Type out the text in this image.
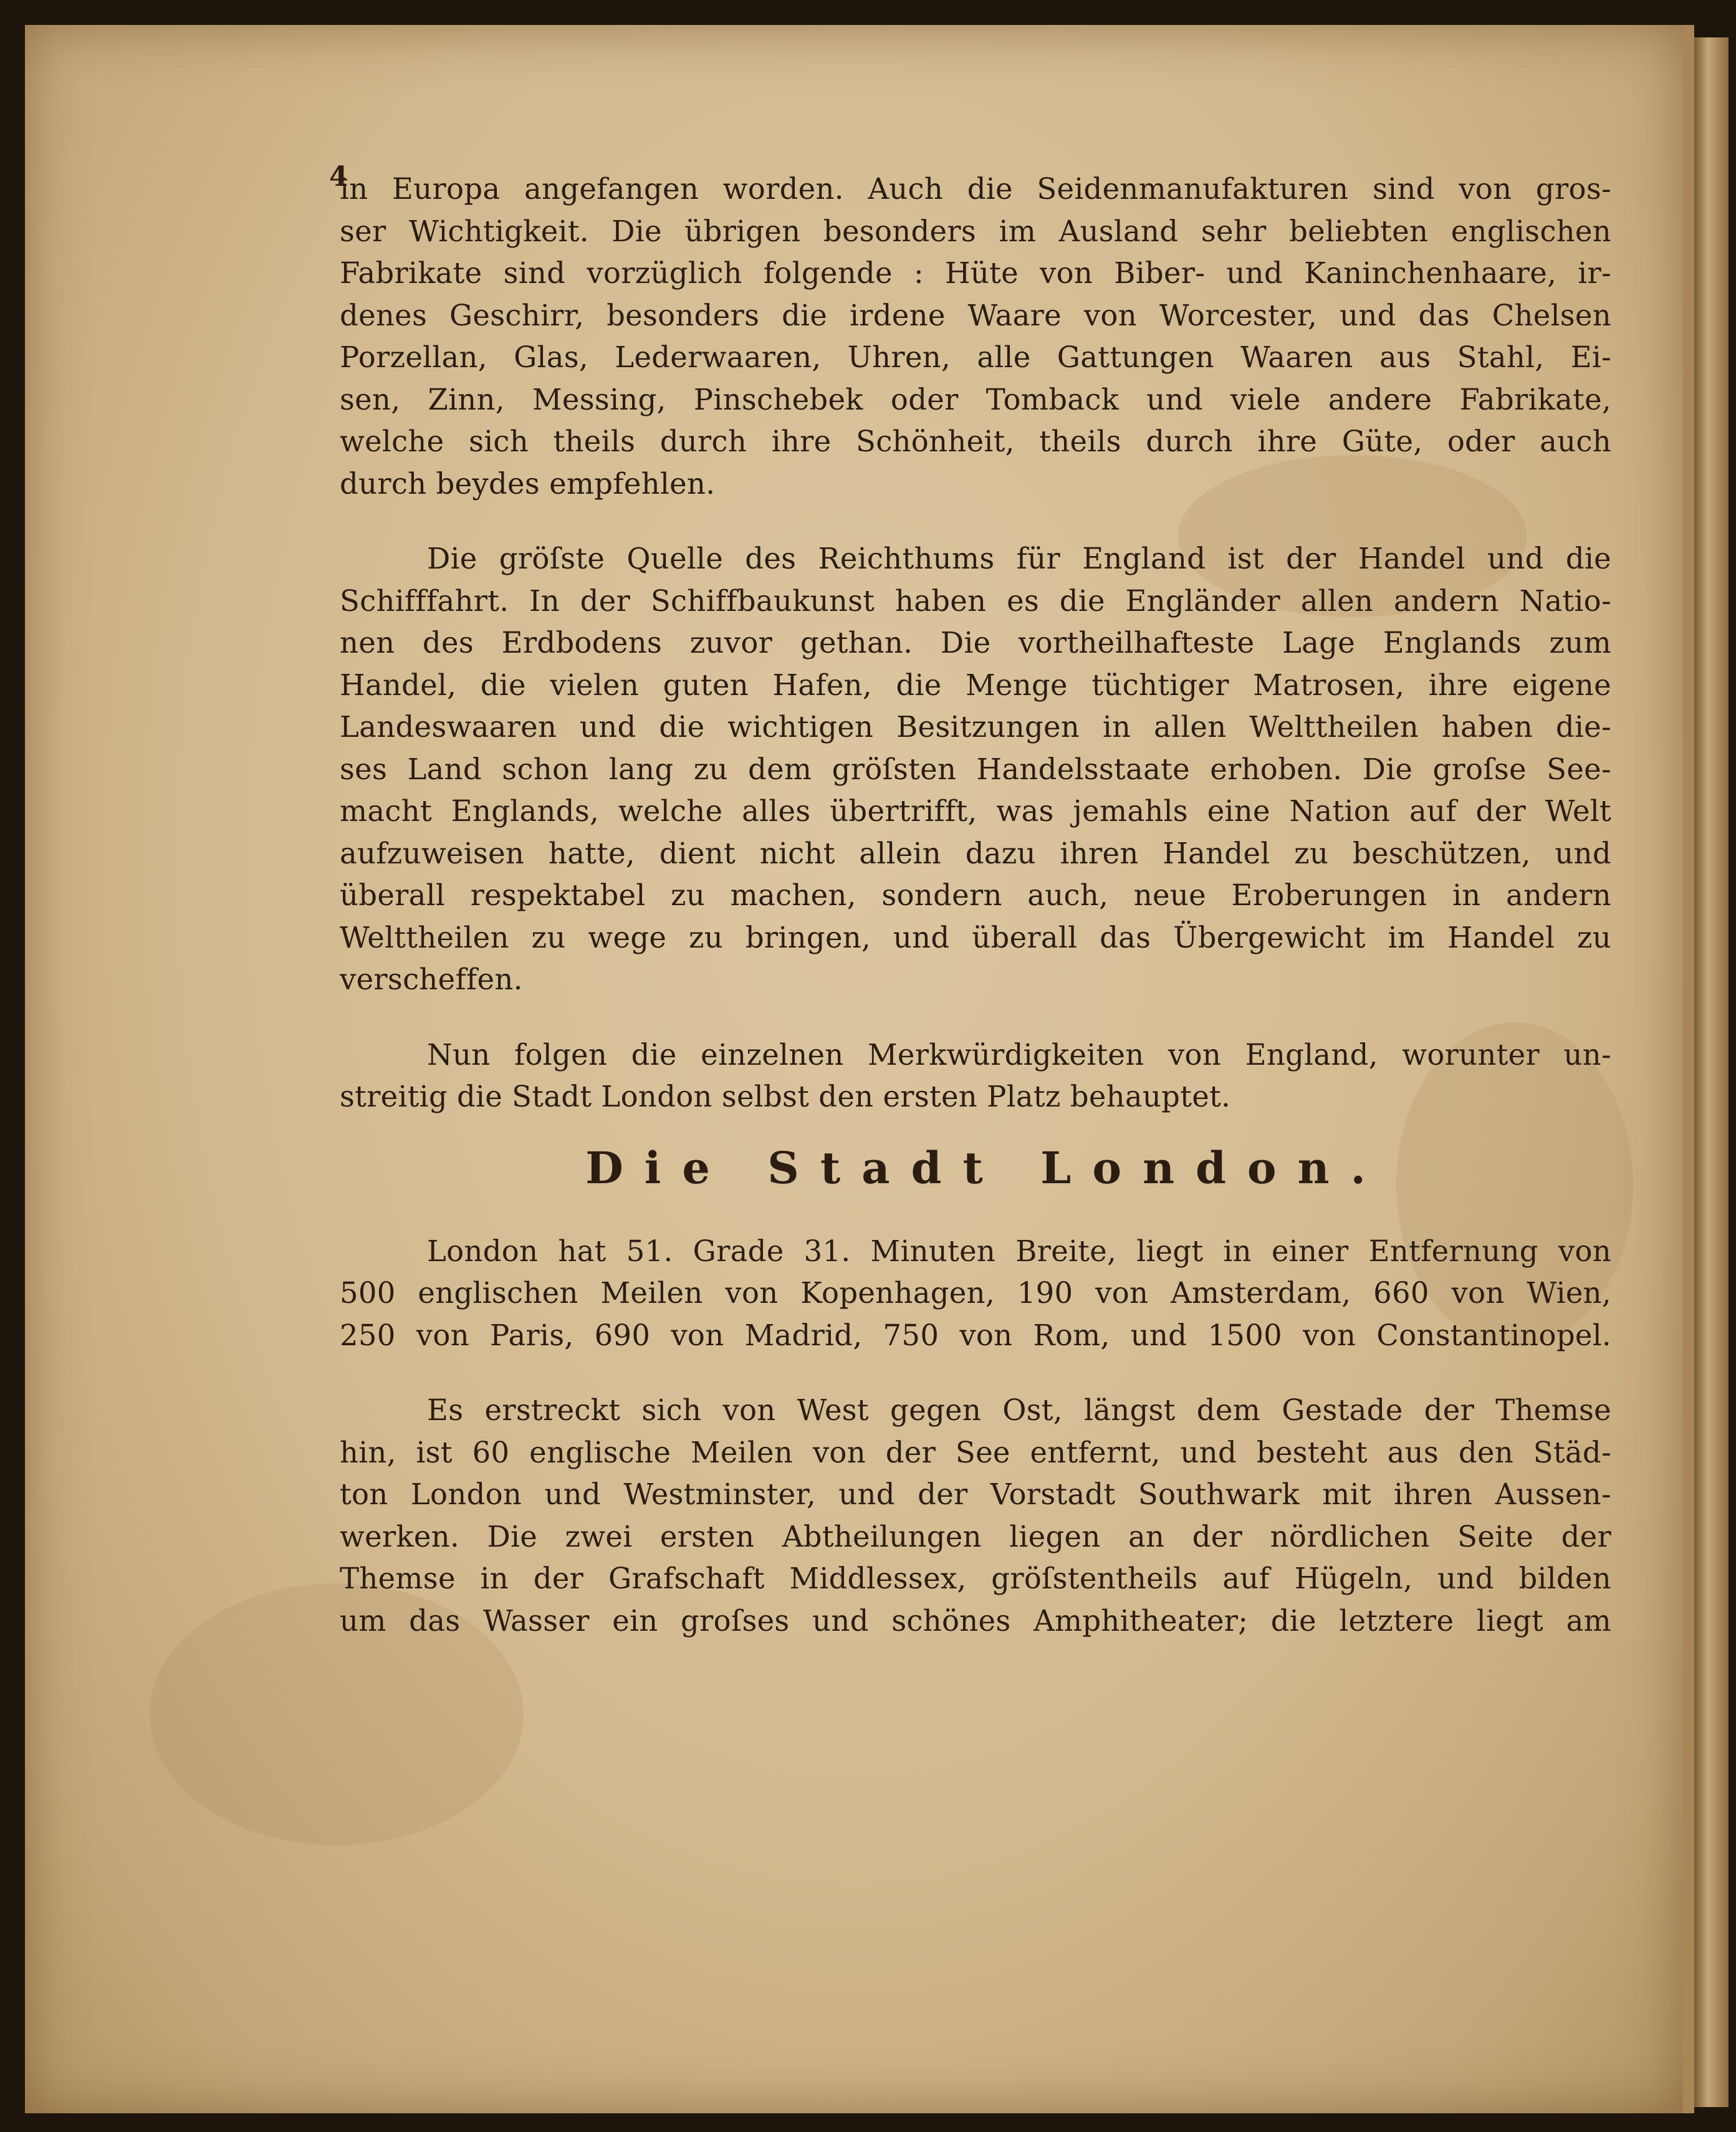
4
in Europa angefangen worden. Auch die Seidenmanufakturen sind von gros-
ser Wichtigkeit. Die übrigen besonders im Ausland sehr beliebten englischen
Fabrikate sind vorzüglich folgende : Hüte von Biber- und Kaninchenhaare, ir-
denes Geschirr, besonders die irdene Waare von Worcester, und das Chelsen
Porzellan, Glas, Lederwaaren, Uhren, alle Gattungen Waaren aus Stahl, Ei-
sen, Zinn, Messing, Pinschebek oder Tomback und viele andere Fabrikate,
welche sich theils durch ihre Schönheit, theils durch ihre Güte, oder auch
durch beydes empfehlen.
Die gröſste Quelle des Reichthums für England ist der Handel und die
Schifffahrt. In der Schiffbaukunst haben es die Engländer allen andern Natio-
nen des Erdbodens zuvor gethan. Die vortheilhafteste Lage Englands zum
Handel, die vielen guten Hafen, die Menge tüchtiger Matrosen, ihre eigene
Landeswaaren und die wichtigen Besitzungen in allen Welttheilen haben die-
ses Land schon lang zu dem gröſsten Handelsstaate erhoben. Die groſse See-
macht Englands, welche alles übertrifft, was jemahls eine Nation auf der Welt
aufzuweisen hatte, dient nicht allein dazu ihren Handel zu beschützen, und
überall respektabel zu machen, sondern auch, neue Eroberungen in andern
Welttheilen zu wege zu bringen, und überall das Übergewicht im Handel zu
verscheffen.
Nun folgen die einzelnen Merkwürdigkeiten von England, worunter un-
streitig die Stadt London selbst den ersten Platz behauptet.
Die Stadt London.
London hat 51. Grade 31. Minuten Breite, liegt in einer Entfernung von
500 englischen Meilen von Kopenhagen, 190 von Amsterdam, 660 von Wien,
250 von Paris, 690 von Madrid, 750 von Rom, und 1500 von Constantinopel.
Es erstreckt sich von West gegen Ost, längst dem Gestade der Themse
hin, ist 60 englische Meilen von der See entfernt, und besteht aus den Städ-
ton London und Westminster, und der Vorstadt Southwark mit ihren Aussen-
werken. Die zwei ersten Abtheilungen liegen an der nördlichen Seite der
Themse in der Grafschaft Middlessex, gröſstentheils auf Hügeln, und bilden
um das Wasser ein groſses und schönes Amphitheater; die letztere liegt am
